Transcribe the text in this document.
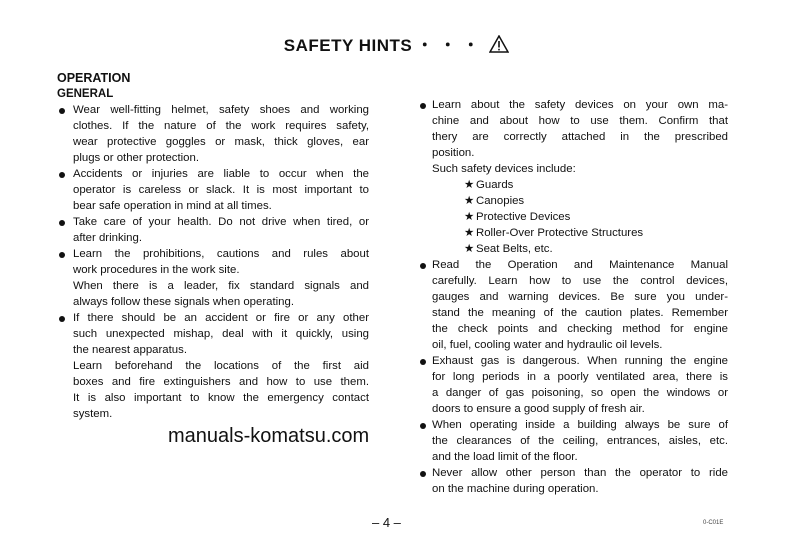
SAFETY HINTS ・・・
OPERATION
GENERAL
Wear well-fitting helmet, safety shoes and working
clothes. If the nature of the work requires safety,
wear protective goggles or mask, thick gloves, ear
plugs or other protection.
Accidents or injuries are liable to occur when the
operator is careless or slack. It is most important to
bear safe operation in mind at all times.
Take care of your health. Do not drive when tired, or
after drinking.
Learn the prohibitions, cautions and rules about
work procedures in the work site.
When there is a leader, fix standard signals and
always follow these signals when operating.
If there should be an accident or fire or any other
such unexpected mishap, deal with it quickly, using
the nearest apparatus.
Learn beforehand the locations of the first aid
boxes and fire extinguishers and how to use them.
It is also important to know the emergency contact
system.
Learn about the safety devices on your own ma-
chine and about how to use them. Confirm that
thery are correctly attached in the prescribed
position.
Such safety devices include:
★ Guards
★ Canopies
★ Protective Devices
★ Roller-Over Protective Structures
★ Seat Belts, etc.
Read the Operation and Maintenance Manual
carefully. Learn how to use the control devices,
gauges and warning devices. Be sure you under-
stand the meaning of the caution plates. Remember
the check points and checking method for engine
oil, fuel, cooling water and hydraulic oil levels.
Exhaust gas is dangerous. When running the engine
for long periods in a poorly ventilated area, there is
a danger of gas poisoning, so open the windows or
doors to ensure a good supply of fresh air.
When operating inside a building always be sure of
the clearances of the ceiling, entrances, aisles, etc.
and the load limit of the floor.
Never allow other person than the operator to ride
on the machine during operation.
manuals-komatsu.com
– 4 –	0-C01E
